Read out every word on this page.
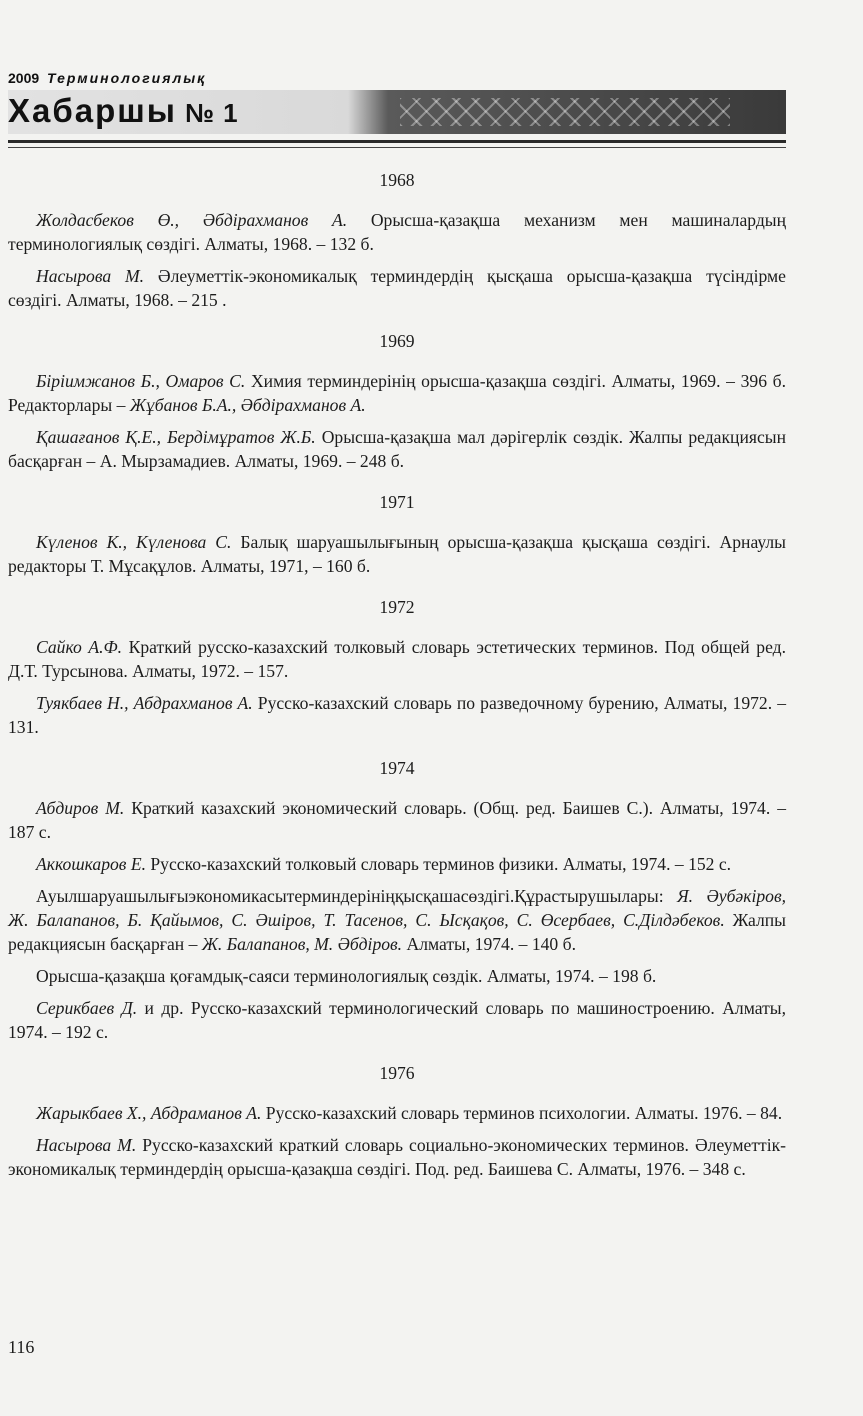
2009 Терминологиялық
Хабаршы № 1
1968

Жолдасбеков Ө., Әбдірахманов А. Орысша-қазақша механизм мен машиналардың терминологиялық сөздігі. Алматы, 1968. – 132 б.

Насырова М. Әлеуметтік-экономикалық терминдердің қысқаша орысша-қазақша түсіндірме сөздігі. Алматы, 1968. – 215 .

1969

Біріимжанов Б., Омаров С. Химия терминдерінің орысша-қазақша сөздігі. Алматы, 1969. – 396 б. Редакторлары – Жұбанов Б.А., Әбдірахманов А.

Қашағанов Қ.Е., Бердімұратов Ж.Б. Орысша-қазақша мал дәрігерлік сөздік. Жалпы редакциясын басқарған – А. Мырзамадиев. Алматы, 1969. – 248 б.

1971

Күленов К., Күленова С. Балық шаруашылығының орысша-қазақша қысқаша сөздігі. Арнаулы редакторы Т. Мұсақұлов. Алматы, 1971, – 160 б.

1972

Сайко А.Ф. Краткий русско-казахский толковый словарь эстетических терминов. Под общей ред. Д.Т. Турсынова. Алматы, 1972. – 157.

Туякбаев Н., Абдрахманов А. Русско-казахский словарь по разведочному бурению, Алматы, 1972. – 131.

1974

Абдиров М. Краткий казахский экономический словарь. (Общ. ред. Баишев С.). Алматы, 1974. – 187 с.

Аккошкаров Е. Русско-казахский толковый словарь терминов физики. Алматы, 1974. – 152 с.

Ауылшаруашылығыэкономикасытерминдерініңқысқашасөздігі.Құрастырушылары: Я. Әубәкіров, Ж. Балапанов, Б. Қайымов, С. Әшіров, Т. Тасенов, С. Ысқақов, С. Өсербаев, С.Ділдәбеков. Жалпы редакциясын басқарған – Ж. Балапанов, М. Әбдіров. Алматы, 1974. – 140 б.

Орысша-қазақша қоғамдық-саяси терминологиялық сөздік. Алматы, 1974. – 198 б.

Серикбаев Д. и др. Русско-казахский терминологический словарь по машиностроению. Алматы, 1974. – 192 с.

1976

Жарыкбаев Х., Абдраманов А. Русско-казахский словарь терминов психологии. Алматы. 1976. – 84.

Насырова М. Русско-казахский краткий словарь социально-экономических терминов. Әлеуметтік-экономикалық терминдердің орысша-қазақша сөздігі. Под. ред. Баишева С. Алматы, 1976. – 348 с.

116
